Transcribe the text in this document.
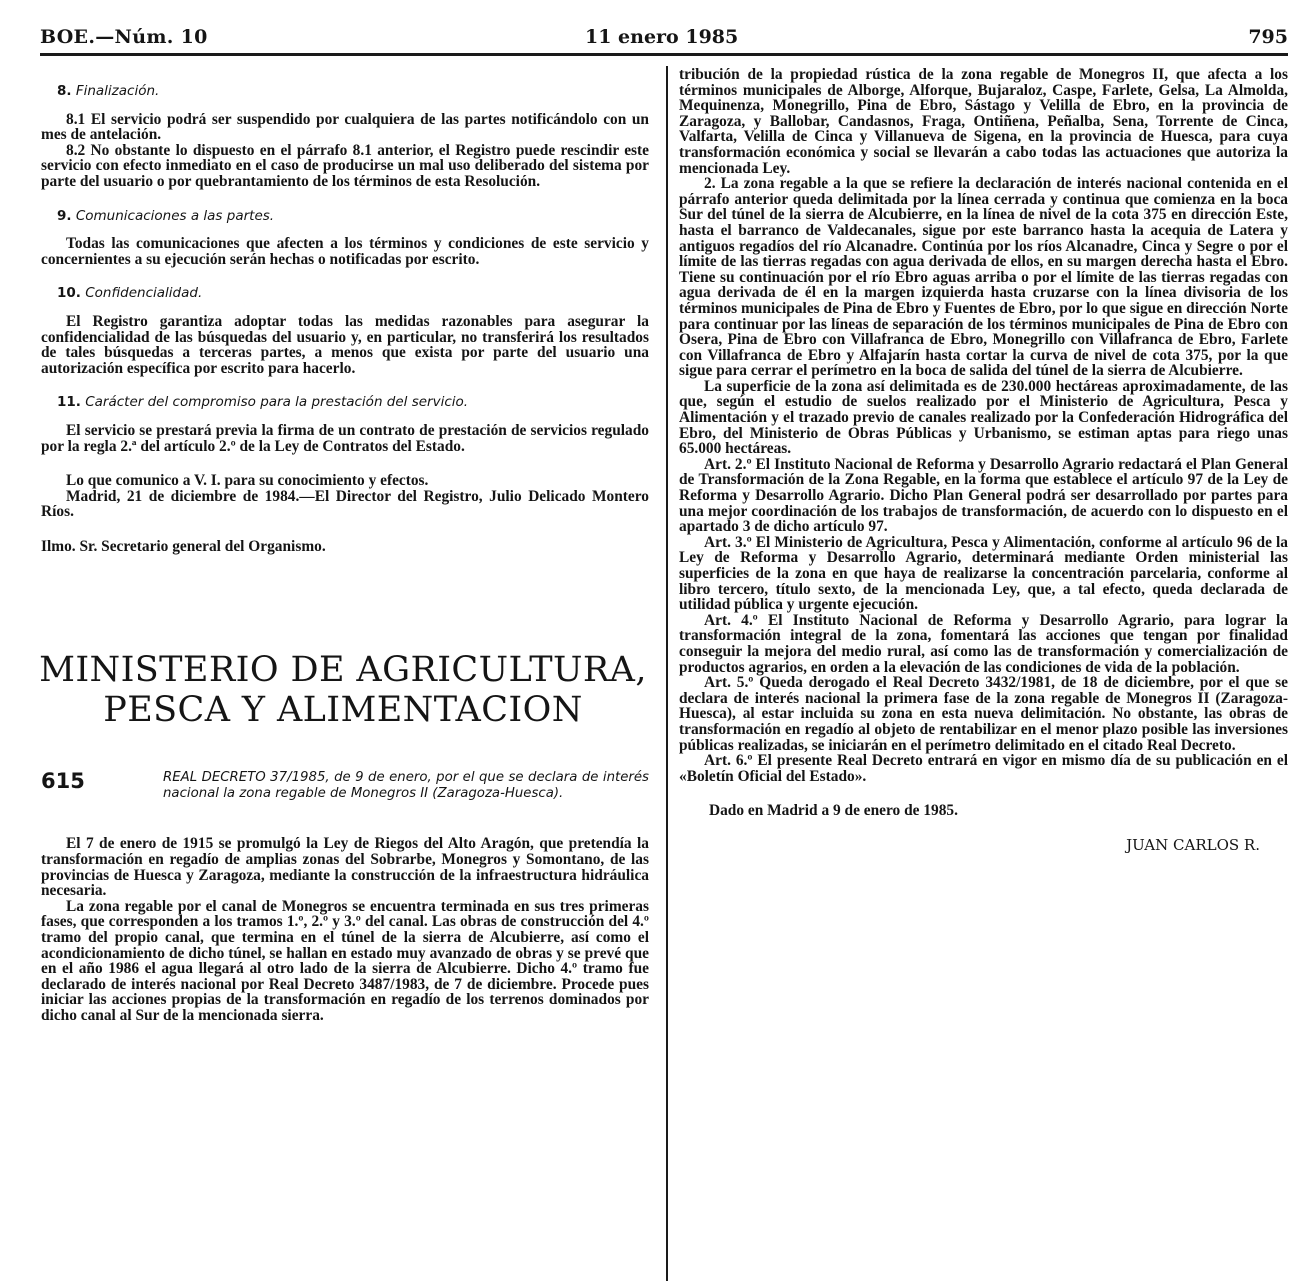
BOE.—Núm. 10	11 enero 1985	795

8. Finalización.

8.1 El servicio podrá ser suspendido por cualquiera de las partes notificándolo con un mes de antelación.

8.2 No obstante lo dispuesto en el párrafo 8.1 anterior, el Registro puede rescindir este servicio con efecto inmediato en el caso de producirse un mal uso deliberado del sistema por parte del usuario o por quebrantamiento de los términos de esta Resolución.

9. Comunicaciones a las partes.

Todas las comunicaciones que afecten a los términos y condiciones de este servicio y concernientes a su ejecución serán hechas o notificadas por escrito.

10. Confidencialidad.

El Registro garantiza adoptar todas las medidas razonables para asegurar la confidencialidad de las búsquedas del usuario y, en particular, no transferirá los resultados de tales búsquedas a terceras partes, a menos que exista por parte del usuario una autorización específica por escrito para hacerlo.

11. Carácter del compromiso para la prestación del servicio.

El servicio se prestará previa la firma de un contrato de prestación de servicios regulado por la regla 2.ª del artículo 2.º de la Ley de Contratos del Estado.

Lo que comunico a V. I. para su conocimiento y efectos.

Madrid, 21 de diciembre de 1984.—El Director del Registro, Julio Delicado Montero Ríos.

Ilmo. Sr. Secretario general del Organismo.

MINISTERIO DE AGRICULTURA,
PESCA Y ALIMENTACION
615	REAL DECRETO 37/1985, de 9 de enero, por el que se declara de interés nacional la zona regable de Monegros II (Zaragoza-Huesca).

El 7 de enero de 1915 se promulgó la Ley de Riegos del Alto Aragón, que pretendía la transformación en regadío de amplias zonas del Sobrarbe, Monegros y Somontano, de las provincias de Huesca y Zaragoza, mediante la construcción de la infraestructura hidráulica necesaria.

La zona regable por el canal de Monegros se encuentra terminada en sus tres primeras fases, que corresponden a los tramos 1.º, 2.º y 3.º del canal. Las obras de construcción del 4.º tramo del propio canal, que termina en el túnel de la sierra de Alcubierre, así como el acondicionamiento de dicho túnel, se hallan en estado muy avanzado de obras y se prevé que en el año 1986 el agua llegará al otro lado de la sierra de Alcubierre. Dicho 4.º tramo fue declarado de interés nacional por Real Decreto 3487/1983, de 7 de diciembre. Procede pues iniciar las acciones propias de la transformación en regadío de los terrenos dominados por dicho canal al Sur de la mencionada sierra.

tribución de la propiedad rústica de la zona regable de Monegros II, que afecta a los términos municipales de Alborge, Alforque, Bujaraloz, Caspe, Farlete, Gelsa, La Almolda, Mequinenza, Monegrillo, Pina de Ebro, Sástago y Velilla de Ebro, en la provincia de Zaragoza, y Ballobar, Candasnos, Fraga, Ontiñena, Peñalba, Sena, Torrente de Cinca, Valfarta, Velilla de Cinca y Villanueva de Sigena, en la provincia de Huesca, para cuya transformación económica y social se llevarán a cabo todas las actuaciones que autoriza la mencionada Ley.

2. La zona regable a la que se refiere la declaración de interés nacional contenida en el párrafo anterior queda delimitada por la línea cerrada y continua que comienza en la boca Sur del túnel de la sierra de Alcubierre, en la línea de nivel de la cota 375 en dirección Este, hasta el barranco de Valdecanales, sigue por este barranco hasta la acequia de Latera y antiguos regadíos del río Alcanadre. Continúa por los ríos Alcanadre, Cinca y Segre o por el límite de las tierras regadas con agua derivada de ellos, en su margen derecha hasta el Ebro. Tiene su continuación por el río Ebro aguas arriba o por el límite de las tierras regadas con agua derivada de él en la margen izquierda hasta cruzarse con la línea divisoria de los términos municipales de Pina de Ebro y Fuentes de Ebro, por lo que sigue en dirección Norte para continuar por las líneas de separación de los términos municipales de Pina de Ebro con Osera, Pina de Ebro con Villafranca de Ebro, Monegrillo con Villafranca de Ebro, Farlete con Villafranca de Ebro y Alfajarín hasta cortar la curva de nivel de cota 375, por la que sigue para cerrar el perímetro en la boca de salida del túnel de la sierra de Alcubierre.

La superficie de la zona así delimitada es de 230.000 hectáreas aproximadamente, de las que, según el estudio de suelos realizado por el Ministerio de Agricultura, Pesca y Alimentación y el trazado previo de canales realizado por la Confederación Hidrográfica del Ebro, del Ministerio de Obras Públicas y Urbanismo, se estiman aptas para riego unas 65.000 hectáreas.

Art. 2.º El Instituto Nacional de Reforma y Desarrollo Agrario redactará el Plan General de Transformación de la Zona Regable, en la forma que establece el artículo 97 de la Ley de Reforma y Desarrollo Agrario. Dicho Plan General podrá ser desarrollado por partes para una mejor coordinación de los trabajos de transformación, de acuerdo con lo dispuesto en el apartado 3 de dicho artículo 97.

Art. 3.º El Ministerio de Agricultura, Pesca y Alimentación, conforme al artículo 96 de la Ley de Reforma y Desarrollo Agrario, determinará mediante Orden ministerial las superficies de la zona en que haya de realizarse la concentración parcelaria, conforme al libro tercero, título sexto, de la mencionada Ley, que, a tal efecto, queda declarada de utilidad pública y urgente ejecución.

Art. 4.º El Instituto Nacional de Reforma y Desarrollo Agrario, para lograr la transformación integral de la zona, fomentará las acciones que tengan por finalidad conseguir la mejora del medio rural, así como las de transformación y comercialización de productos agrarios, en orden a la elevación de las condiciones de vida de la población.

Art. 5.º Queda derogado el Real Decreto 3432/1981, de 18 de diciembre, por el que se declara de interés nacional la primera fase de la zona regable de Monegros II (Zaragoza-Huesca), al estar incluida su zona en esta nueva delimitación. No obstante, las obras de transformación en regadío al objeto de rentabilizar en el menor plazo posible las inversiones públicas realizadas, se iniciarán en el perímetro delimitado en el citado Real Decreto.

Art. 6.º El presente Real Decreto entrará en vigor en mismo día de su publicación en el «Boletín Oficial del Estado».

Dado en Madrid a 9 de enero de 1985.

JUAN CARLOS R.
